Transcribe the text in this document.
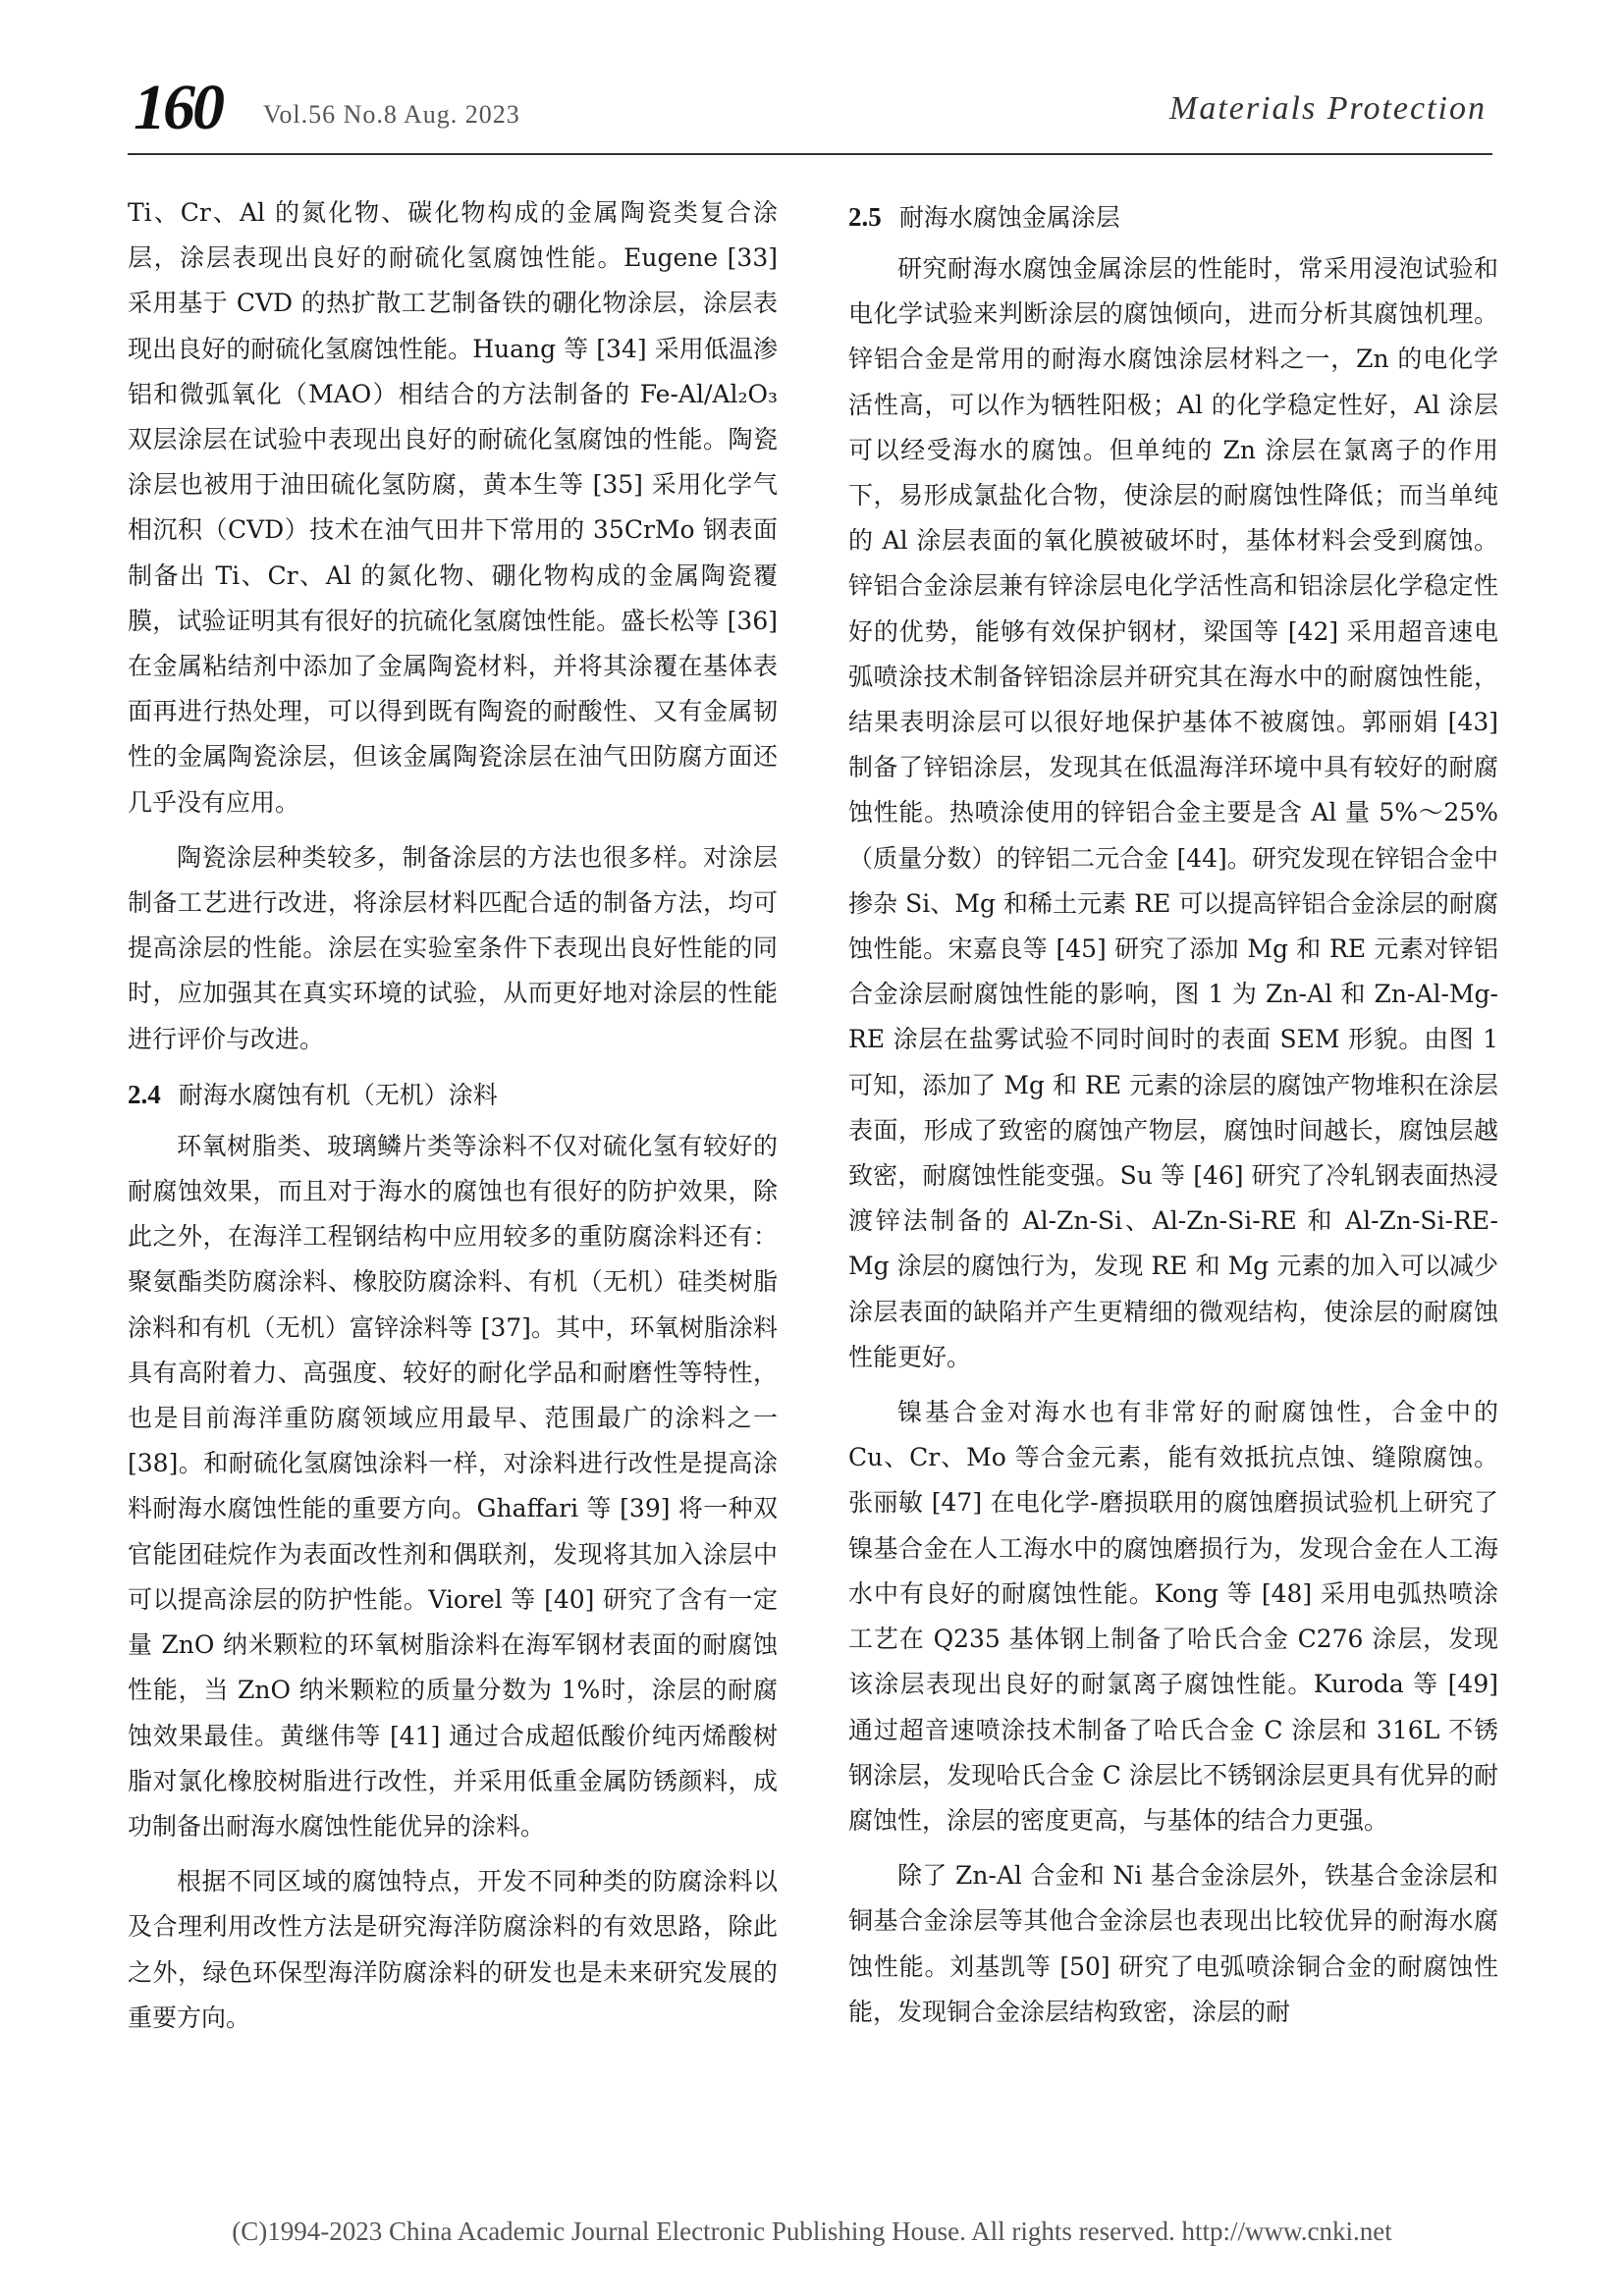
160 Vol.56 No.8 Aug. 2023	Materials Protection

Ti、Cr、Al 的氮化物、碳化物构成的金属陶瓷类复合涂层，涂层表现出良好的耐硫化氢腐蚀性能。Eugene [33] 采用基于 CVD 的热扩散工艺制备铁的硼化物涂层，涂层表现出良好的耐硫化氢腐蚀性能。Huang 等 [34] 采用低温渗铝和微弧氧化（MAO）相结合的方法制备的 Fe-Al/Al₂O₃ 双层涂层在试验中表现出良好的耐硫化氢腐蚀的性能。陶瓷涂层也被用于油田硫化氢防腐，黄本生等 [35] 采用化学气相沉积（CVD）技术在油气田井下常用的 35CrMo 钢表面制备出 Ti、Cr、Al 的氮化物、硼化物构成的金属陶瓷覆膜，试验证明其有很好的抗硫化氢腐蚀性能。盛长松等 [36] 在金属粘结剂中添加了金属陶瓷材料，并将其涂覆在基体表面再进行热处理，可以得到既有陶瓷的耐酸性、又有金属韧性的金属陶瓷涂层，但该金属陶瓷涂层在油气田防腐方面还几乎没有应用。

陶瓷涂层种类较多，制备涂层的方法也很多样。对涂层制备工艺进行改进，将涂层材料匹配合适的制备方法，均可提高涂层的性能。涂层在实验室条件下表现出良好性能的同时，应加强其在真实环境的试验，从而更好地对涂层的性能进行评价与改进。

2.4 耐海水腐蚀有机（无机）涂料

环氧树脂类、玻璃鳞片类等涂料不仅对硫化氢有较好的耐腐蚀效果，而且对于海水的腐蚀也有很好的防护效果，除此之外，在海洋工程钢结构中应用较多的重防腐涂料还有：聚氨酯类防腐涂料、橡胶防腐涂料、有机（无机）硅类树脂涂料和有机（无机）富锌涂料等 [37]。其中，环氧树脂涂料具有高附着力、高强度、较好的耐化学品和耐磨性等特性，也是目前海洋重防腐领域应用最早、范围最广的涂料之一 [38]。和耐硫化氢腐蚀涂料一样，对涂料进行改性是提高涂料耐海水腐蚀性能的重要方向。Ghaffari 等 [39] 将一种双官能团硅烷作为表面改性剂和偶联剂，发现将其加入涂层中可以提高涂层的防护性能。Viorel 等 [40] 研究了含有一定量 ZnO 纳米颗粒的环氧树脂涂料在海军钢材表面的耐腐蚀性能，当 ZnO 纳米颗粒的质量分数为 1%时，涂层的耐腐蚀效果最佳。黄继伟等 [41] 通过合成超低酸价纯丙烯酸树脂对氯化橡胶树脂进行改性，并采用低重金属防锈颜料，成功制备出耐海水腐蚀性能优异的涂料。

根据不同区域的腐蚀特点，开发不同种类的防腐涂料以及合理利用改性方法是研究海洋防腐涂料的有效思路，除此之外，绿色环保型海洋防腐涂料的研发也是未来研究发展的重要方向。

2.5 耐海水腐蚀金属涂层

研究耐海水腐蚀金属涂层的性能时，常采用浸泡试验和电化学试验来判断涂层的腐蚀倾向，进而分析其腐蚀机理。锌铝合金是常用的耐海水腐蚀涂层材料之一，Zn 的电化学活性高，可以作为牺牲阳极；Al 的化学稳定性好，Al 涂层可以经受海水的腐蚀。但单纯的 Zn 涂层在氯离子的作用下，易形成氯盐化合物，使涂层的耐腐蚀性降低；而当单纯的 Al 涂层表面的氧化膜被破坏时，基体材料会受到腐蚀。锌铝合金涂层兼有锌涂层电化学活性高和铝涂层化学稳定性好的优势，能够有效保护钢材，梁国等 [42] 采用超音速电弧喷涂技术制备锌铝涂层并研究其在海水中的耐腐蚀性能，结果表明涂层可以很好地保护基体不被腐蚀。郭丽娟 [43] 制备了锌铝涂层，发现其在低温海洋环境中具有较好的耐腐蚀性能。热喷涂使用的锌铝合金主要是含 Al 量 5%～25%（质量分数）的锌铝二元合金 [44]。研究发现在锌铝合金中掺杂 Si、Mg 和稀土元素 RE 可以提高锌铝合金涂层的耐腐蚀性能。宋嘉良等 [45] 研究了添加 Mg 和 RE 元素对锌铝合金涂层耐腐蚀性能的影响，图 1 为 Zn-Al 和 Zn-Al-Mg-RE 涂层在盐雾试验不同时间时的表面 SEM 形貌。由图 1 可知，添加了 Mg 和 RE 元素的涂层的腐蚀产物堆积在涂层表面，形成了致密的腐蚀产物层，腐蚀时间越长，腐蚀层越致密，耐腐蚀性能变强。Su 等 [46] 研究了冷轧钢表面热浸渡锌法制备的 Al-Zn-Si、Al-Zn-Si-RE 和 Al-Zn-Si-RE-Mg 涂层的腐蚀行为，发现 RE 和 Mg 元素的加入可以减少涂层表面的缺陷并产生更精细的微观结构，使涂层的耐腐蚀性能更好。

镍基合金对海水也有非常好的耐腐蚀性，合金中的 Cu、Cr、Mo 等合金元素，能有效抵抗点蚀、缝隙腐蚀。张丽敏 [47] 在电化学-磨损联用的腐蚀磨损试验机上研究了镍基合金在人工海水中的腐蚀磨损行为，发现合金在人工海水中有良好的耐腐蚀性能。Kong 等 [48] 采用电弧热喷涂工艺在 Q235 基体钢上制备了哈氏合金 C276 涂层，发现该涂层表现出良好的耐氯离子腐蚀性能。Kuroda 等 [49] 通过超音速喷涂技术制备了哈氏合金 C 涂层和 316L 不锈钢涂层，发现哈氏合金 C 涂层比不锈钢涂层更具有优异的耐腐蚀性，涂层的密度更高，与基体的结合力更强。

除了 Zn-Al 合金和 Ni 基合金涂层外，铁基合金涂层和铜基合金涂层等其他合金涂层也表现出比较优异的耐海水腐蚀性能。刘基凯等 [50] 研究了电弧喷涂铜合金的耐腐蚀性能，发现铜合金涂层结构致密，涂层的耐

(C)1994-2023 China Academic Journal Electronic Publishing House. All rights reserved. http://www.cnki.net
